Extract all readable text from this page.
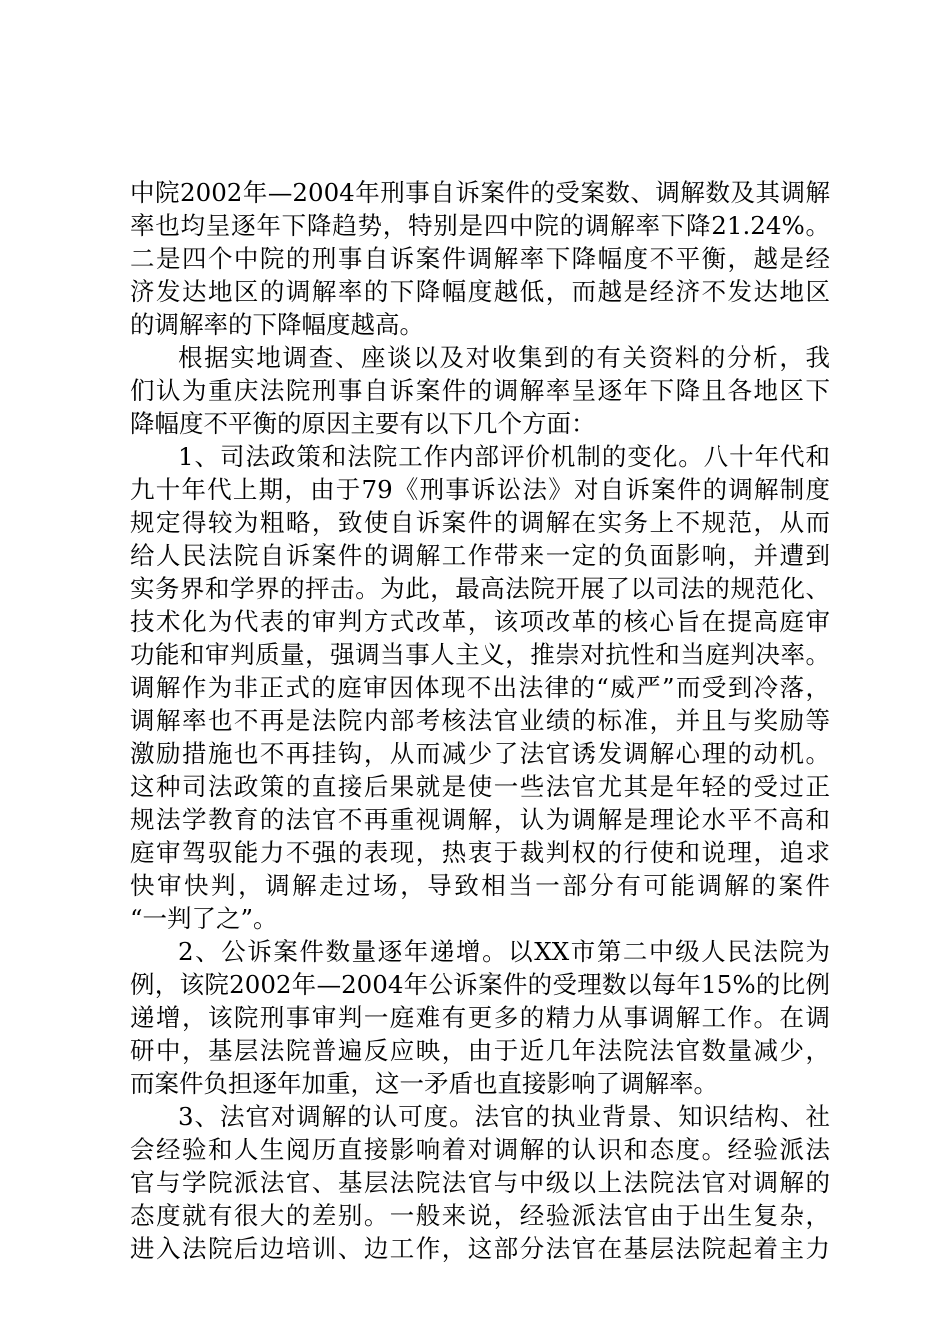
中院2002年—2004年刑事自诉案件的受案数、调解数及其调解
率也均呈逐年下降趋势，特别是四中院的调解率下降21.24%。
二是四个中院的刑事自诉案件调解率下降幅度不平衡，越是经
济发达地区的调解率的下降幅度越低，而越是经济不发达地区
的调解率的下降幅度越高。
根据实地调查、座谈以及对收集到的有关资料的分析，我
们认为重庆法院刑事自诉案件的调解率呈逐年下降且各地区下
降幅度不平衡的原因主要有以下几个方面：
1、司法政策和法院工作内部评价机制的变化。八十年代和
九十年代上期，由于79《刑事诉讼法》对自诉案件的调解制度
规定得较为粗略，致使自诉案件的调解在实务上不规范，从而
给人民法院自诉案件的调解工作带来一定的负面影响，并遭到
实务界和学界的抨击。为此，最高法院开展了以司法的规范化、
技术化为代表的审判方式改革，该项改革的核心旨在提高庭审
功能和审判质量，强调当事人主义，推崇对抗性和当庭判决率。
调解作为非正式的庭审因体现不出法律的“威严”而受到冷落，
调解率也不再是法院内部考核法官业绩的标准，并且与奖励等
激励措施也不再挂钩，从而减少了法官诱发调解心理的动机。
这种司法政策的直接后果就是使一些法官尤其是年轻的受过正
规法学教育的法官不再重视调解，认为调解是理论水平不高和
庭审驾驭能力不强的表现，热衷于裁判权的行使和说理，追求
快审快判，调解走过场，导致相当一部分有可能调解的案件
“一判了之”。
2、公诉案件数量逐年递增。以XX市第二中级人民法院为
例，该院2002年—2004年公诉案件的受理数以每年15%的比例
递增，该院刑事审判一庭难有更多的精力从事调解工作。在调
研中，基层法院普遍反应映，由于近几年法院法官数量减少，
而案件负担逐年加重，这一矛盾也直接影响了调解率。
3、法官对调解的认可度。法官的执业背景、知识结构、社
会经验和人生阅历直接影响着对调解的认识和态度。经验派法
官与学院派法官、基层法院法官与中级以上法院法官对调解的
态度就有很大的差别。一般来说，经验派法官由于出生复杂，
进入法院后边培训、边工作，这部分法官在基层法院起着主力
